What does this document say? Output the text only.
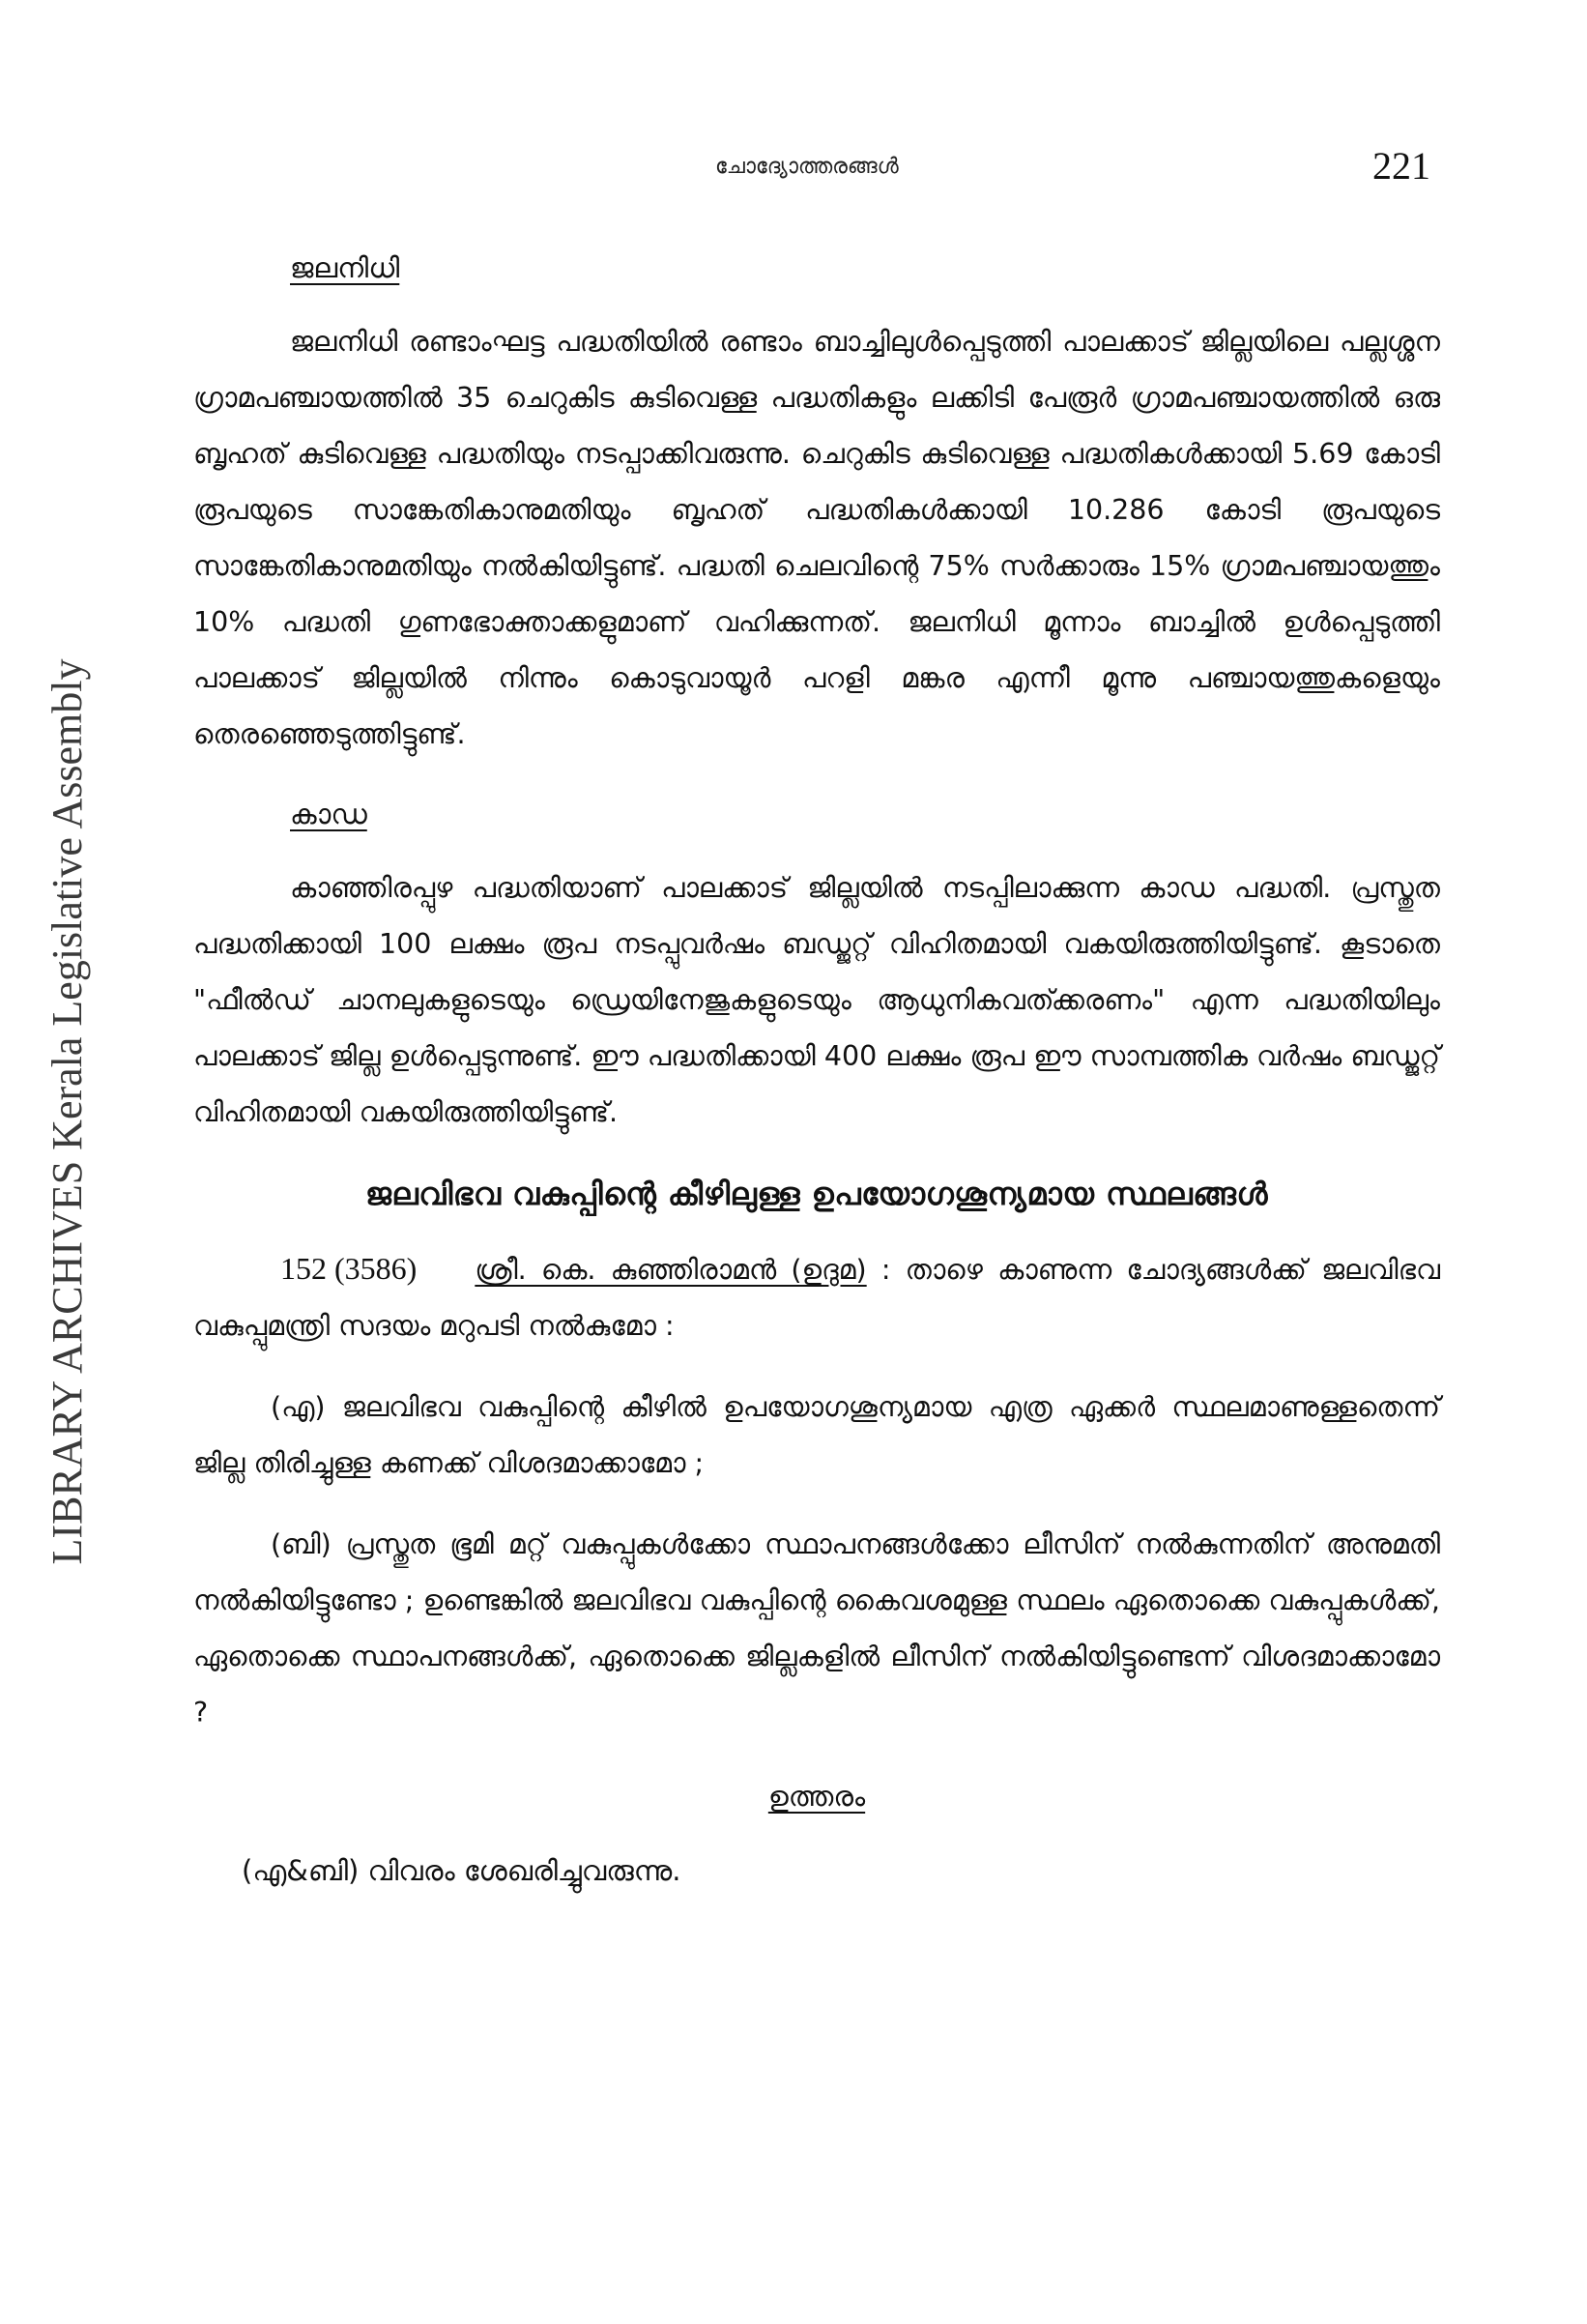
LIBRARY ARCHIVES Kerala Legislative Assembly
ചോദ്യോത്തരങ്ങൾ	221

ജലനിധി

ജലനിധി രണ്ടാംഘട്ട പദ്ധതിയിൽ രണ്ടാം ബാച്ചിലുൾപ്പെടുത്തി പാലക്കാട് ജില്ലയിലെ പല്ലശ്ശന ഗ്രാമപഞ്ചായത്തിൽ 35 ചെറുകിട കുടിവെള്ള പദ്ധതികളും ലക്കിടി പേരൂർ ഗ്രാമപഞ്ചായത്തിൽ ഒരു ബൃഹത് കുടിവെള്ള പദ്ധതിയും നടപ്പാക്കിവരുന്നു. ചെറുകിട കുടിവെള്ള പദ്ധതികൾക്കായി 5.69 കോടി രൂപയുടെ സാങ്കേതികാനുമതിയും ബൃഹത് പദ്ധതികൾക്കായി 10.286 കോടി രൂപയുടെ സാങ്കേതികാനുമതിയും നൽകിയിട്ടുണ്ട്. പദ്ധതി ചെലവിന്റെ 75% സർക്കാരും 15% ഗ്രാമപഞ്ചായത്തും 10% പദ്ധതി ഗുണഭോക്താക്കളുമാണ് വഹിക്കുന്നത്. ജലനിധി മൂന്നാം ബാച്ചിൽ ഉൾപ്പെടുത്തി പാലക്കാട് ജില്ലയിൽ നിന്നും കൊടുവായൂർ പറളി മങ്കര എന്നീ മൂന്നു പഞ്ചായത്തുകളെയും തെരഞ്ഞെടുത്തിട്ടുണ്ട്.

കാഡ

കാഞ്ഞിരപ്പുഴ പദ്ധതിയാണ് പാലക്കാട് ജില്ലയിൽ നടപ്പിലാക്കുന്ന കാഡ പദ്ധതി. പ്രസ്തുത പദ്ധതിക്കായി 100 ലക്ഷം രൂപ നടപ്പുവർഷം ബഡ്ജറ്റ് വിഹിതമായി വകയിരുത്തിയിട്ടുണ്ട്. കൂടാതെ "ഫീൽഡ് ചാനലുകളുടെയും ഡ്രെയിനേജുകളുടെയും ആധുനികവത്ക്കരണം" എന്ന പദ്ധതിയിലും പാലക്കാട് ജില്ല ഉൾപ്പെടുന്നുണ്ട്. ഈ പദ്ധതിക്കായി 400 ലക്ഷം രൂപ ഈ സാമ്പത്തിക വർഷം ബഡ്ജറ്റ് വിഹിതമായി വകയിരുത്തിയിട്ടുണ്ട്.

ജലവിഭവ വകുപ്പിന്റെ കീഴിലുള്ള ഉപയോഗശൂന്യമായ സ്ഥലങ്ങൾ

152 (3586) ശ്രീ. കെ. കുഞ്ഞിരാമൻ (ഉദുമ) : താഴെ കാണുന്ന ചോദ്യങ്ങൾക്ക് ജലവിഭവ വകുപ്പുമന്ത്രി സദയം മറുപടി നൽകുമോ :

(എ) ജലവിഭവ വകുപ്പിന്റെ കീഴിൽ ഉപയോഗശൂന്യമായ എത്ര ഏക്കർ സ്ഥലമാണുള്ളതെന്ന് ജില്ല തിരിച്ചുള്ള കണക്ക് വിശദമാക്കാമോ ;

(ബി) പ്രസ്തുത ഭൂമി മറ്റ് വകുപ്പുകൾക്കോ സ്ഥാപനങ്ങൾക്കോ ലീസിന് നൽകുന്നതിന് അനുമതി നൽകിയിട്ടുണ്ടോ ; ഉണ്ടെങ്കിൽ ജലവിഭവ വകുപ്പിന്റെ കൈവശമുള്ള സ്ഥലം ഏതൊക്കെ വകുപ്പുകൾക്ക്, ഏതൊക്കെ സ്ഥാപനങ്ങൾക്ക്, ഏതൊക്കെ ജില്ലകളിൽ ലീസിന് നൽകിയിട്ടുണ്ടെന്ന് വിശദമാക്കാമോ ?

ഉത്തരം

(എ&ബി) വിവരം ശേഖരിച്ചുവരുന്നു.
